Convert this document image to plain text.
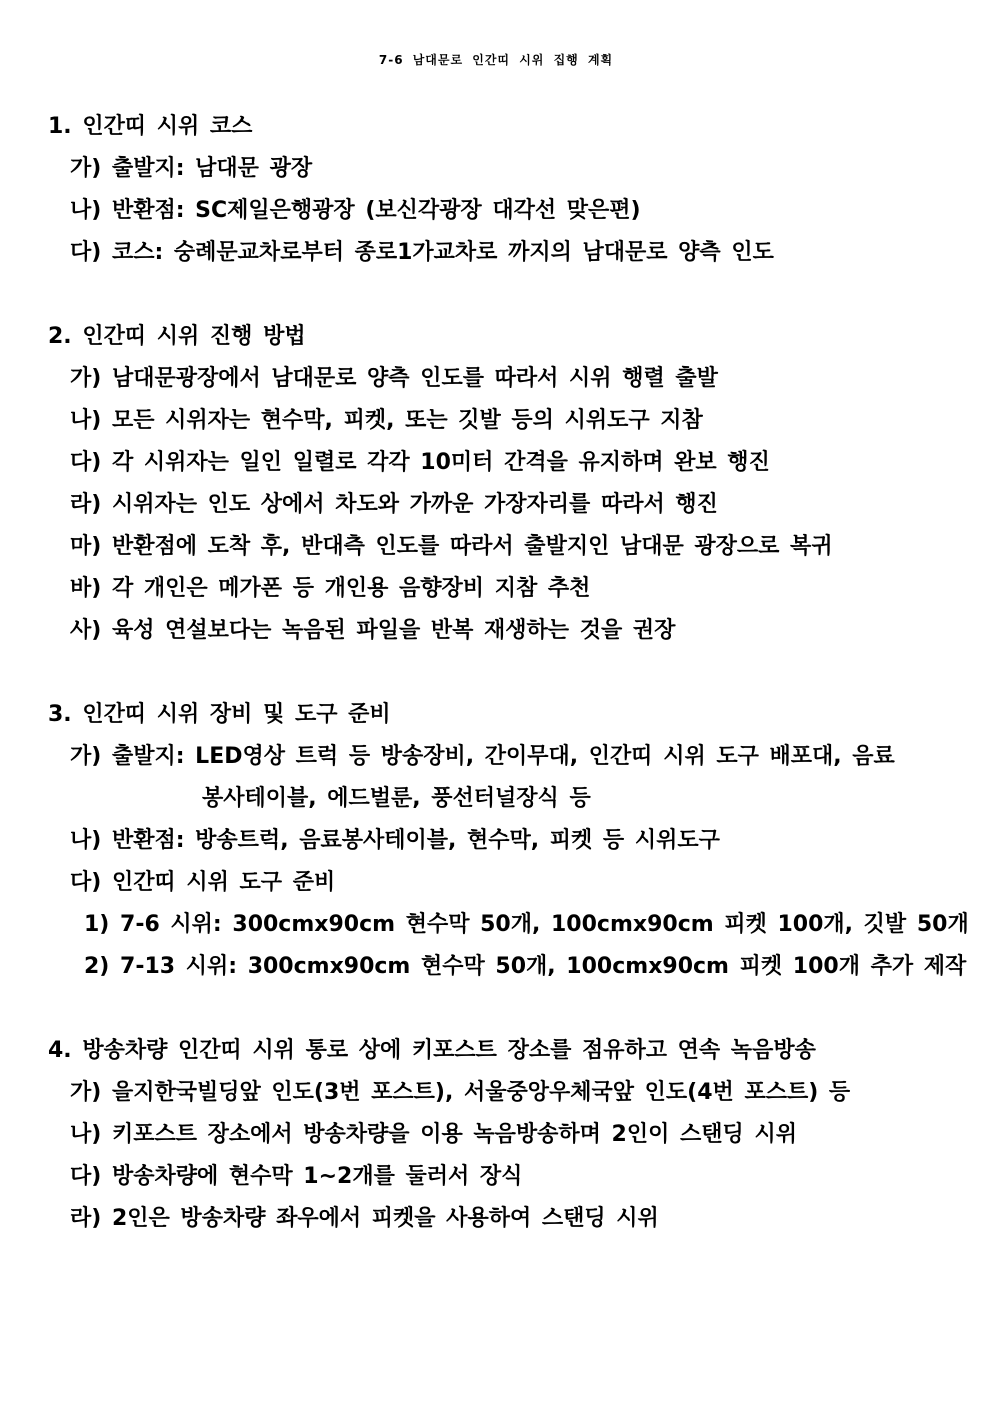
7-6 남대문로 인간띠 시위 집행 계획
1. 인간띠 시위 코스
가) 출발지: 남대문 광장
나) 반환점: SC제일은행광장 (보신각광장 대각선 맞은편)
다) 코스: 숭례문교차로부터 종로1가교차로 까지의 남대문로 양측 인도
2. 인간띠 시위 진행 방법
가) 남대문광장에서 남대문로 양측 인도를 따라서 시위 행렬 출발
나) 모든 시위자는 현수막, 피켓, 또는 깃발 등의 시위도구 지참
다) 각 시위자는 일인 일렬로 각각 10미터 간격을 유지하며 완보 행진
라) 시위자는 인도 상에서 차도와 가까운 가장자리를 따라서 행진
마) 반환점에 도착 후, 반대측 인도를 따라서 출발지인 남대문 광장으로 복귀
바) 각 개인은 메가폰 등 개인용 음향장비 지참 추천
사) 육성 연설보다는 녹음된 파일을 반복 재생하는 것을 권장
3. 인간띠 시위 장비 및 도구 준비
가) 출발지: LED영상 트럭 등 방송장비, 간이무대, 인간띠 시위 도구 배포대, 음료
봉사테이블, 에드벌룬, 풍선터널장식 등
나) 반환점: 방송트럭, 음료봉사테이블, 현수막, 피켓 등 시위도구
다) 인간띠 시위 도구 준비
1) 7-6 시위: 300cmx90cm 현수막 50개, 100cmx90cm 피켓 100개, 깃발 50개
2) 7-13 시위: 300cmx90cm 현수막 50개, 100cmx90cm 피켓 100개 추가 제작
4. 방송차량 인간띠 시위 통로 상에 키포스트 장소를 점유하고 연속 녹음방송
가) 을지한국빌딩앞 인도(3번 포스트), 서울중앙우체국앞 인도(4번 포스트) 등
나) 키포스트 장소에서 방송차량을 이용 녹음방송하며 2인이 스탠딩 시위
다) 방송차량에 현수막 1~2개를 둘러서 장식
라) 2인은 방송차량 좌우에서 피켓을 사용하여 스탠딩 시위
